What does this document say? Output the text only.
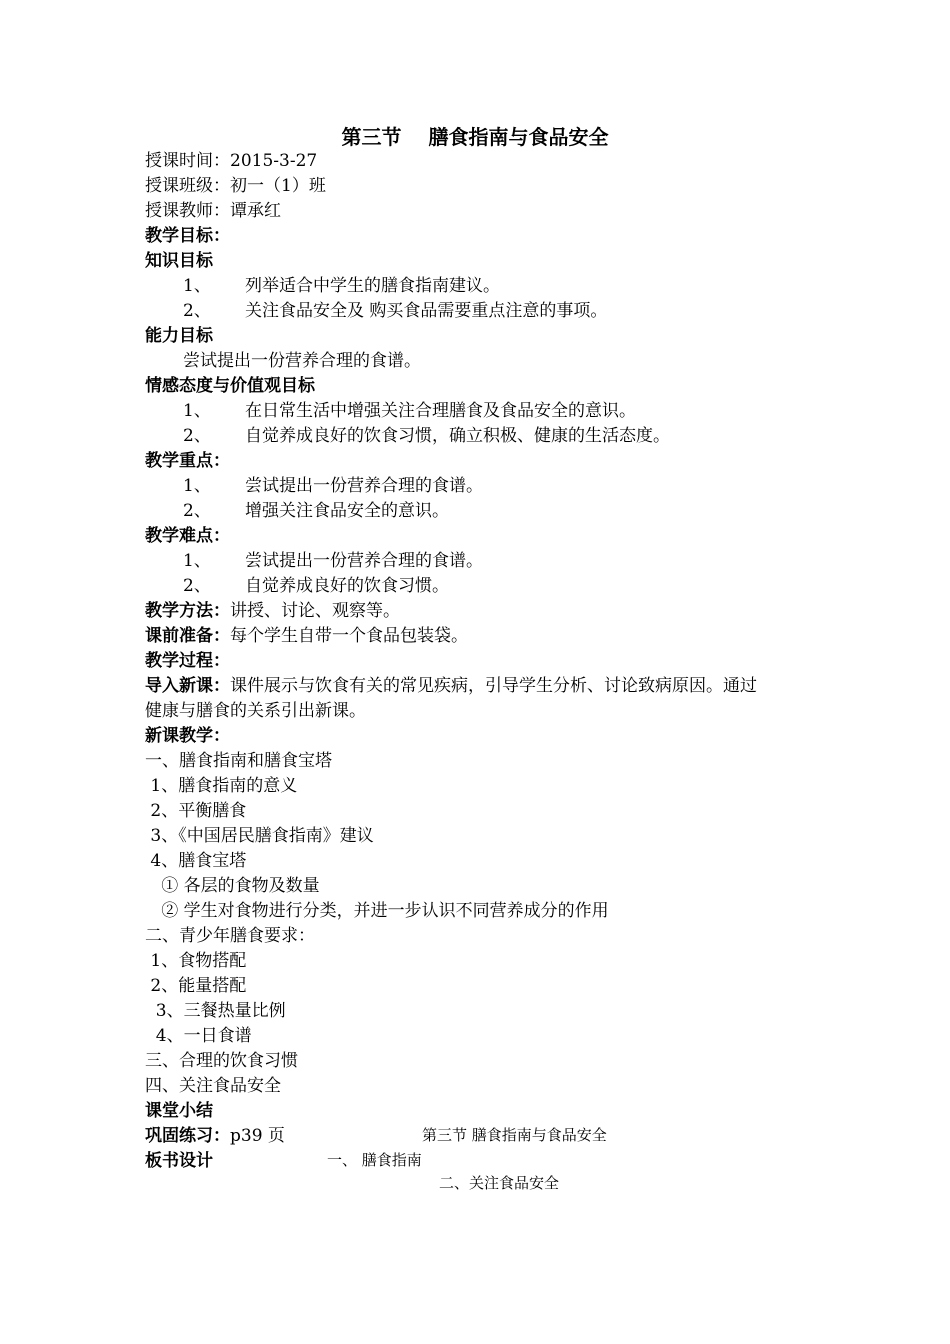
第三节　 膳食指南与食品安全
授课时间：2015-3-27
授课班级：初一（1）班
授课教师：谭承红
教学目标：
知识目标
1、 列举适合中学生的膳食指南建议。
2、 关注食品安全及 购买食品需要重点注意的事项。
能力目标
尝试提出一份营养合理的食谱。
情感态度与价值观目标
1、 在日常生活中增强关注合理膳食及食品安全的意识。
2、 自觉养成良好的饮食习惯，确立积极、健康的生活态度。
教学重点：
1、 尝试提出一份营养合理的食谱。
2、 增强关注食品安全的意识。
教学难点：
1、 尝试提出一份营养合理的食谱。
2、 自觉养成良好的饮食习惯。
教学方法：讲授、讨论、观察等。
课前准备：每个学生自带一个食品包装袋。
教学过程：
导入新课：课件展示与饮食有关的常见疾病，引导学生分析、讨论致病原因。通过
健康与膳食的关系引出新课。
新课教学：
一、膳食指南和膳食宝塔
1、膳食指南的意义
2、平衡膳食
3、《中国居民膳食指南》建议
4、膳食宝塔
① 各层的食物及数量
② 学生对食物进行分类，并进一步认识不同营养成分的作用
二、青少年膳食要求：
1、食物搭配
2、能量搭配
3、三餐热量比例
4、一日食谱
三、合理的饮食习惯
四、关注食品安全
课堂小结
巩固练习：p39 页
板书设计
第三节 膳食指南与食品安全
一、 膳食指南
二、关注食品安全
